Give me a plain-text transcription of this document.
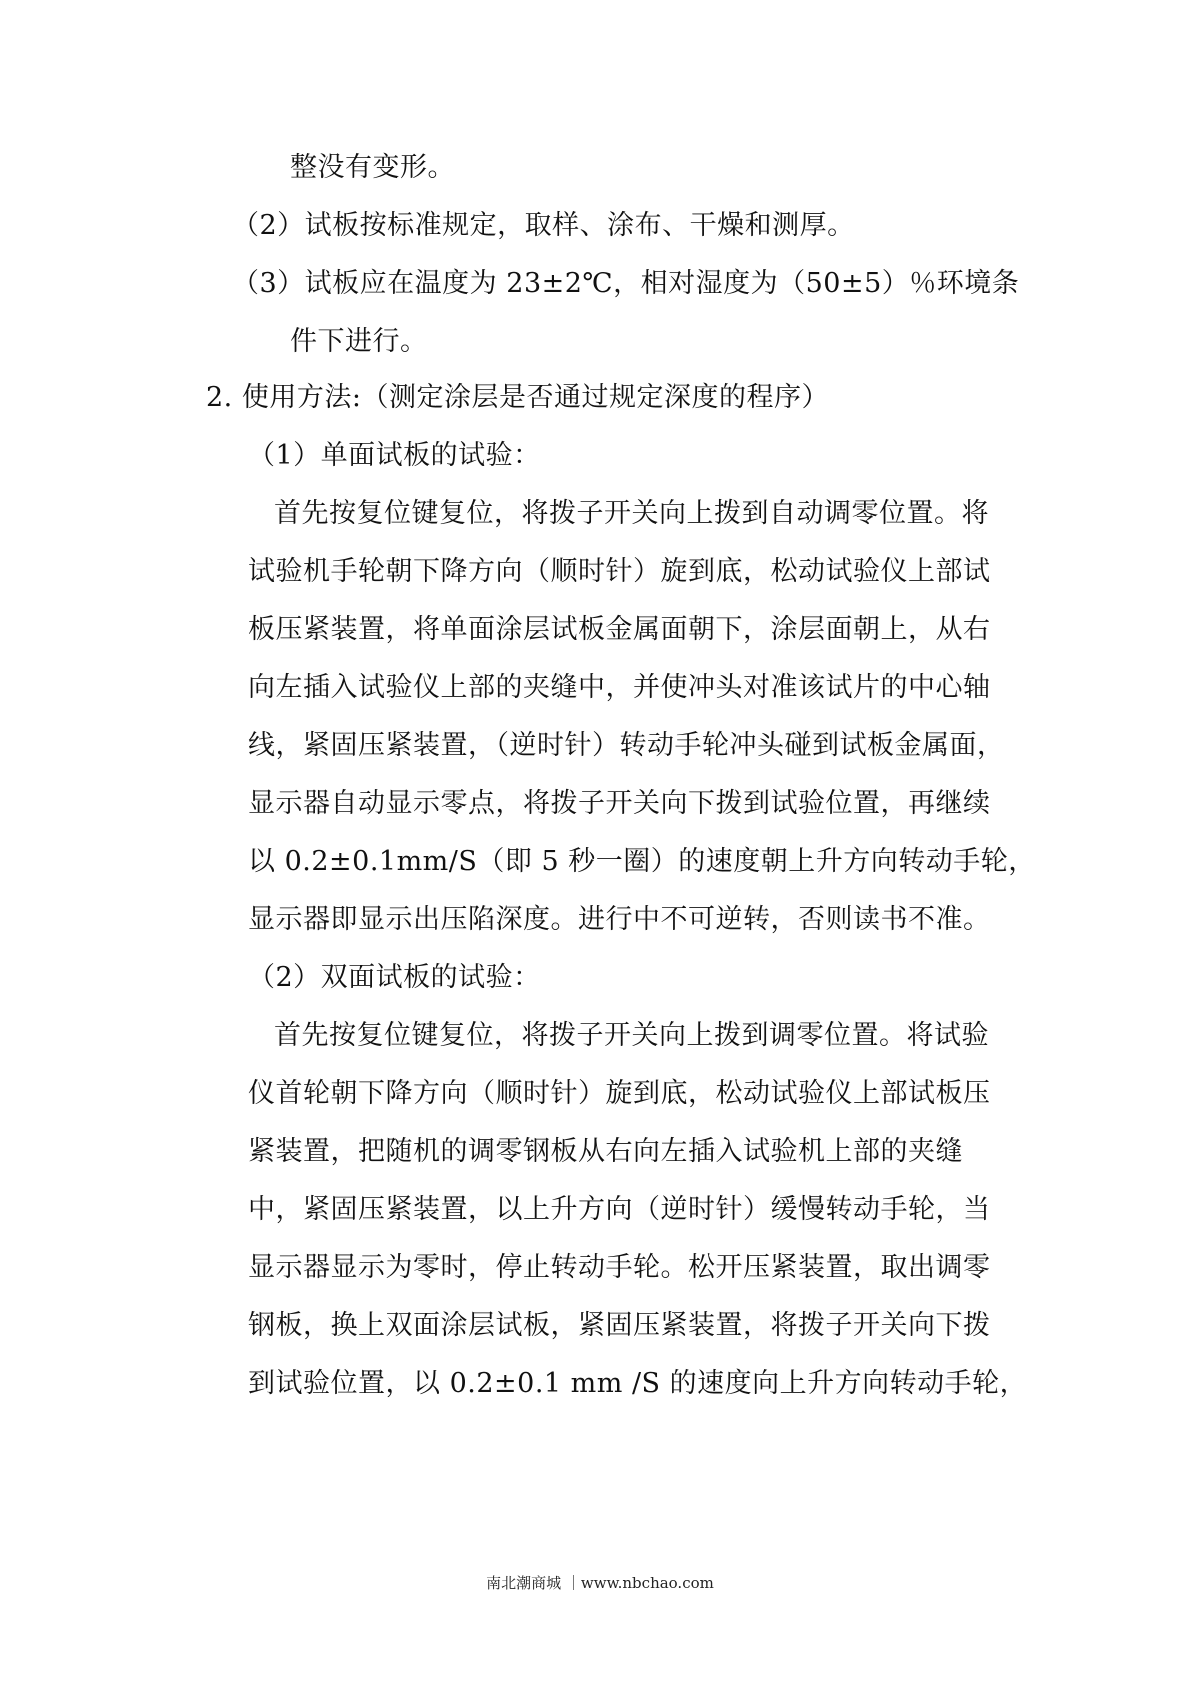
整没有变形。
（2）试板按标准规定，取样、涂布、干燥和测厚。
（3）试板应在温度为 23±2℃，相对湿度为（50±5）％环境条
件下进行。
2. 使用方法:（测定涂层是否通过规定深度的程序）
（1）单面试板的试验：
首先按复位键复位，将拨子开关向上拨到自动调零位置。将
试验机手轮朝下降方向（顺时针）旋到底，松动试验仪上部试
板压紧装置，将单面涂层试板金属面朝下，涂层面朝上，从右
向左插入试验仪上部的夹缝中，并使冲头对准该试片的中心轴
线，紧固压紧装置，（逆时针）转动手轮冲头碰到试板金属面，
显示器自动显示零点，将拨子开关向下拨到试验位置，再继续
以 0.2±0.1mm/S（即 5 秒一圈）的速度朝上升方向转动手轮，
显示器即显示出压陷深度。进行中不可逆转，否则读书不准。
（2）双面试板的试验：
首先按复位键复位，将拨子开关向上拨到调零位置。将试验
仪首轮朝下降方向（顺时针）旋到底，松动试验仪上部试板压
紧装置，把随机的调零钢板从右向左插入试验机上部的夹缝
中，紧固压紧装置，以上升方向（逆时针）缓慢转动手轮，当
显示器显示为零时，停止转动手轮。松开压紧装置，取出调零
钢板，换上双面涂层试板，紧固压紧装置，将拨子开关向下拨
到试验位置，以 0.2±0.1 mm /S 的速度向上升方向转动手轮，
南北潮商城 ｜www.nbchao.com
